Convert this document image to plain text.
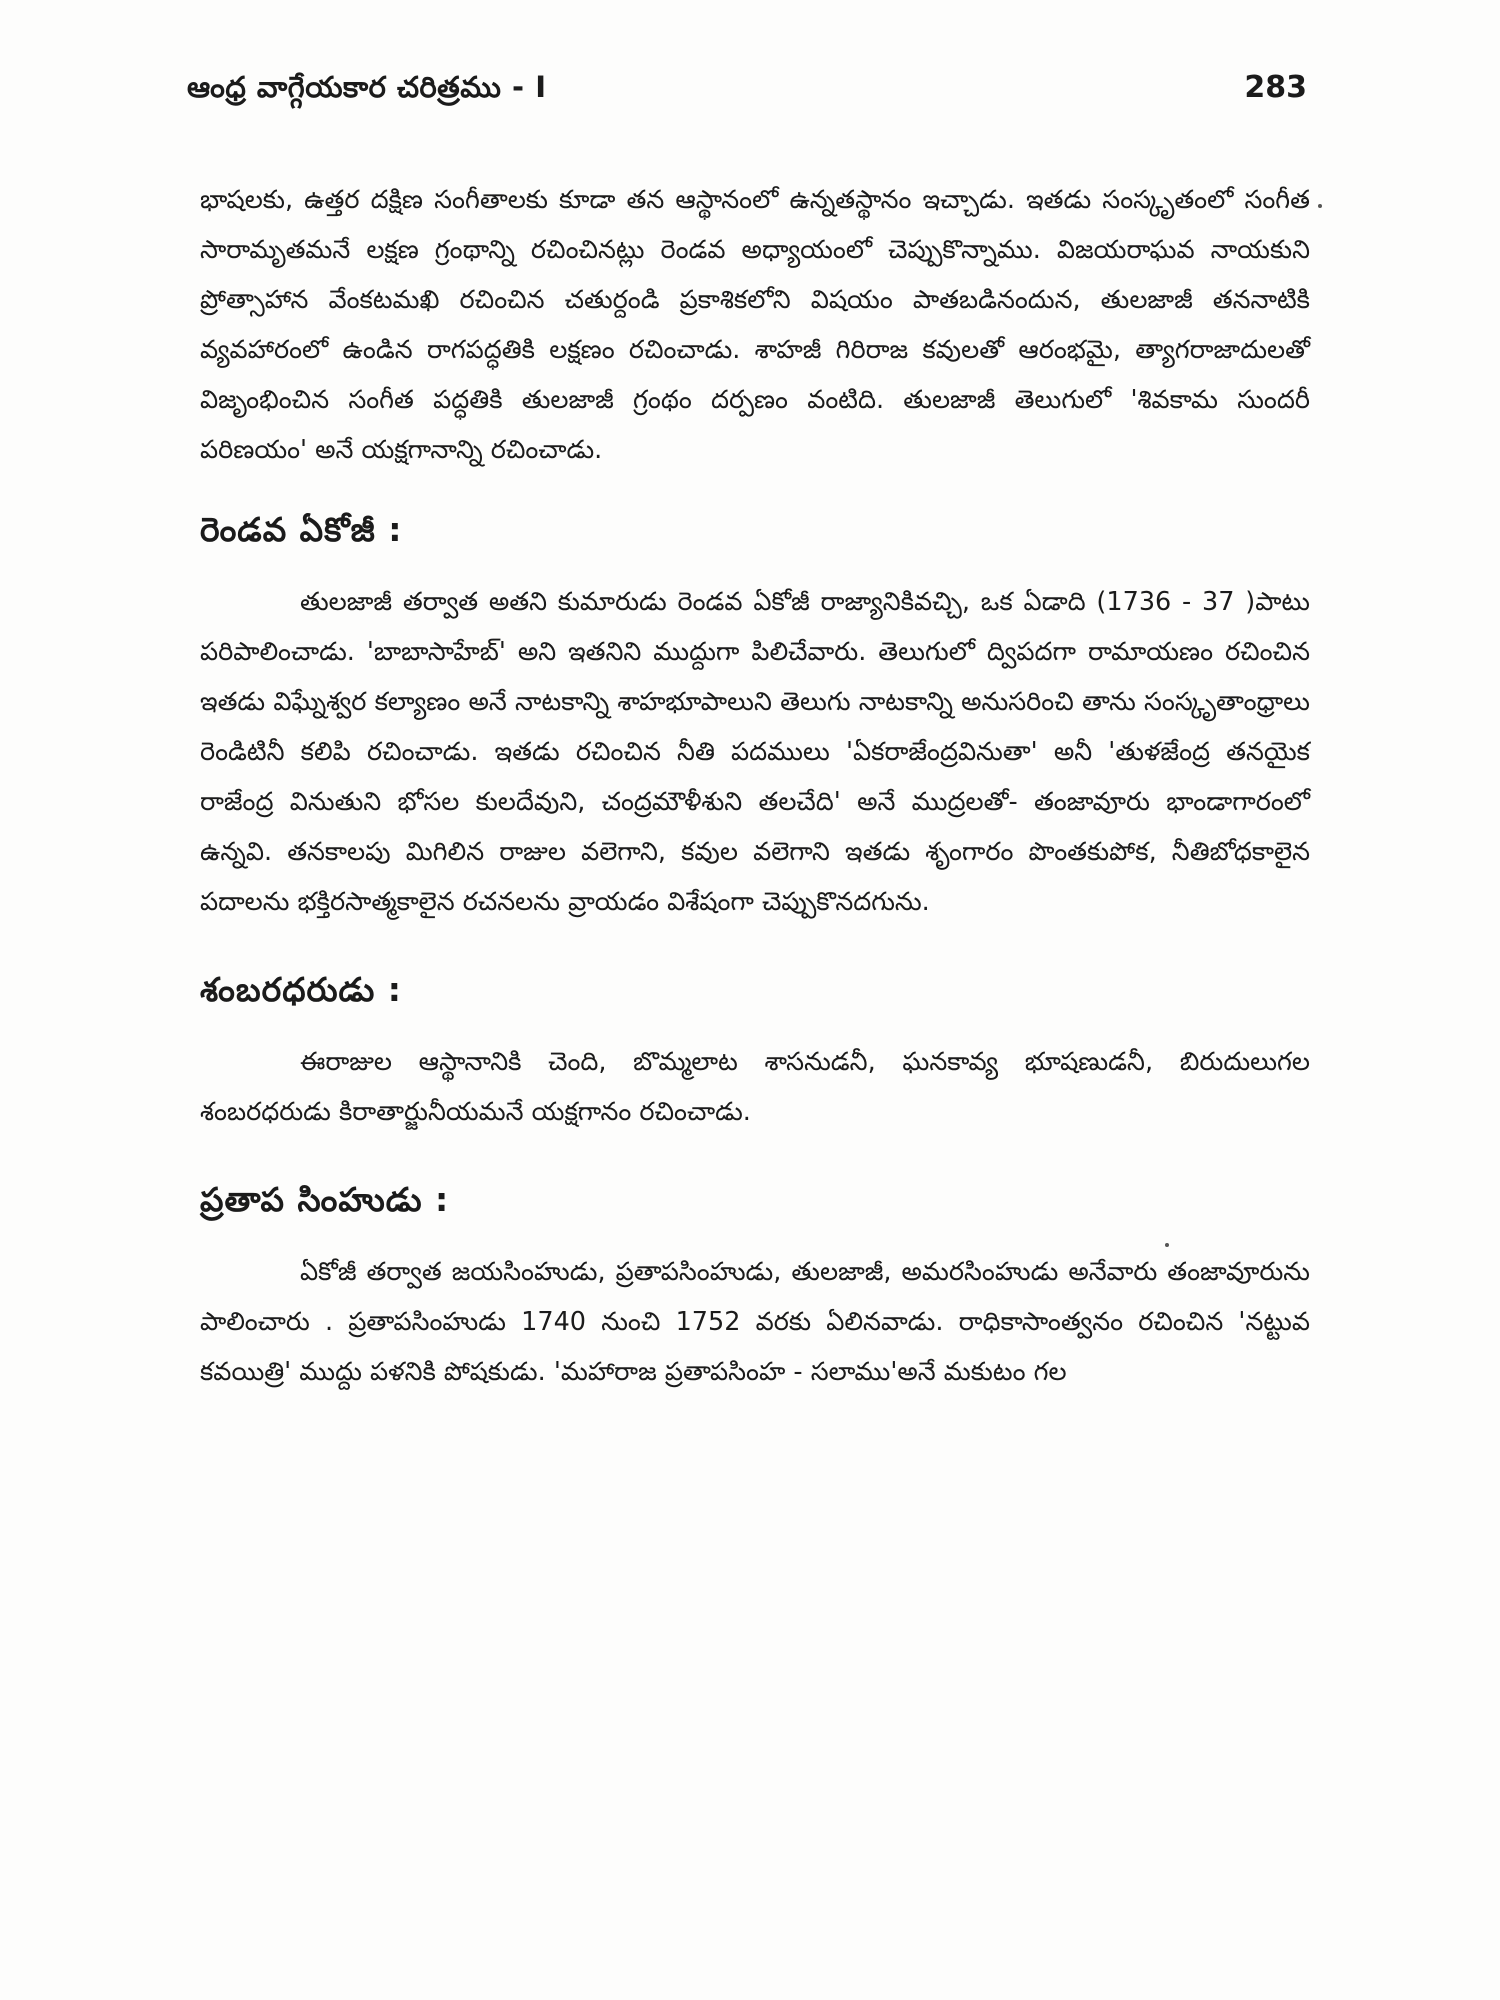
ఆంధ్ర వాగ్గేయకార చరిత్రము - I	283

భాషలకు, ఉత్తర దక్షిణ సంగీతాలకు కూడా తన ఆస్థానంలో ఉన్నతస్థానం ఇచ్చాడు. ఇతడు సంస్కృతంలో సంగీత సారామృతమనే లక్షణ గ్రంథాన్ని రచించినట్లు రెండవ అధ్యాయంలో చెప్పుకొన్నాము. విజయరాఘవ నాయకుని ప్రోత్సాహాన వేంకటమఖి రచించిన చతుర్దండి ప్రకాశికలోని విషయం పాతబడినందున, తులజాజీ తననాటికి వ్యవహారంలో ఉండిన రాగపద్ధతికి లక్షణం రచించాడు. శాహజీ గిరిరాజ కవులతో ఆరంభమై, త్యాగరాజాదులతో విజృంభించిన సంగీత పద్ధతికి తులజాజీ గ్రంథం దర్పణం వంటిది. తులజాజీ తెలుగులో 'శివకామ సుందరీ పరిణయం' అనే యక్షగానాన్ని రచించాడు.

రెండవ ఏకోజీ :

తులజాజీ తర్వాత అతని కుమారుడు రెండవ ఏకోజీ రాజ్యానికివచ్చి, ఒక ఏడాది (1736 - 37 )పాటు పరిపాలించాడు. 'బాబాసాహేబ్' అని ఇతనిని ముద్దుగా పిలిచేవారు. తెలుగులో ద్విపదగా రామాయణం రచించిన ఇతడు విఘ్నేశ్వర కల్యాణం అనే నాటకాన్ని శాహభూపాలుని తెలుగు నాటకాన్ని అనుసరించి తాను సంస్కృతాంధ్రాలు రెండిటినీ కలిపి రచించాడు. ఇతడు రచించిన నీతి పదములు 'ఏకరాజేంద్రవినుతా' అనీ 'తుళజేంద్ర తనయైక రాజేంద్ర వినుతుని భోసల కులదేవుని, చంద్రమౌళీశుని తలచేది' అనే ముద్రలతో- తంజావూరు భాండాగారంలో ఉన్నవి. తనకాలపు మిగిలిన రాజుల వలెగాని, కవుల వలెగాని ఇతడు శృంగారం పొంతకుపోక, నీతిబోధకాలైన పదాలను భక్తిరసాత్మకాలైన రచనలను వ్రాయడం విశేషంగా చెప్పుకొనదగును.

శంబరధరుడు :

ఈరాజుల ఆస్థానానికి చెంది, బొమ్మలాట శాసనుడనీ, ఘనకావ్య భూషణుడనీ, బిరుదులుగల శంబరధరుడు కిరాతార్జునీయమనే యక్షగానం రచించాడు.

ప్రతాప సింహుడు :

ఏకోజీ తర్వాత జయసింహుడు, ప్రతాపసింహుడు, తులజాజీ, అమరసింహుడు అనేవారు తంజావూరును పాలించారు . ప్రతాపసింహుడు 1740 నుంచి 1752 వరకు ఏలినవాడు. రాధికాసాంత్వనం రచించిన 'నట్టువ కవయిత్రి' ముద్దు పళనికి పోషకుడు. 'మహారాజ ప్రతాపసింహ - సలాము'అనే మకుటం గల
